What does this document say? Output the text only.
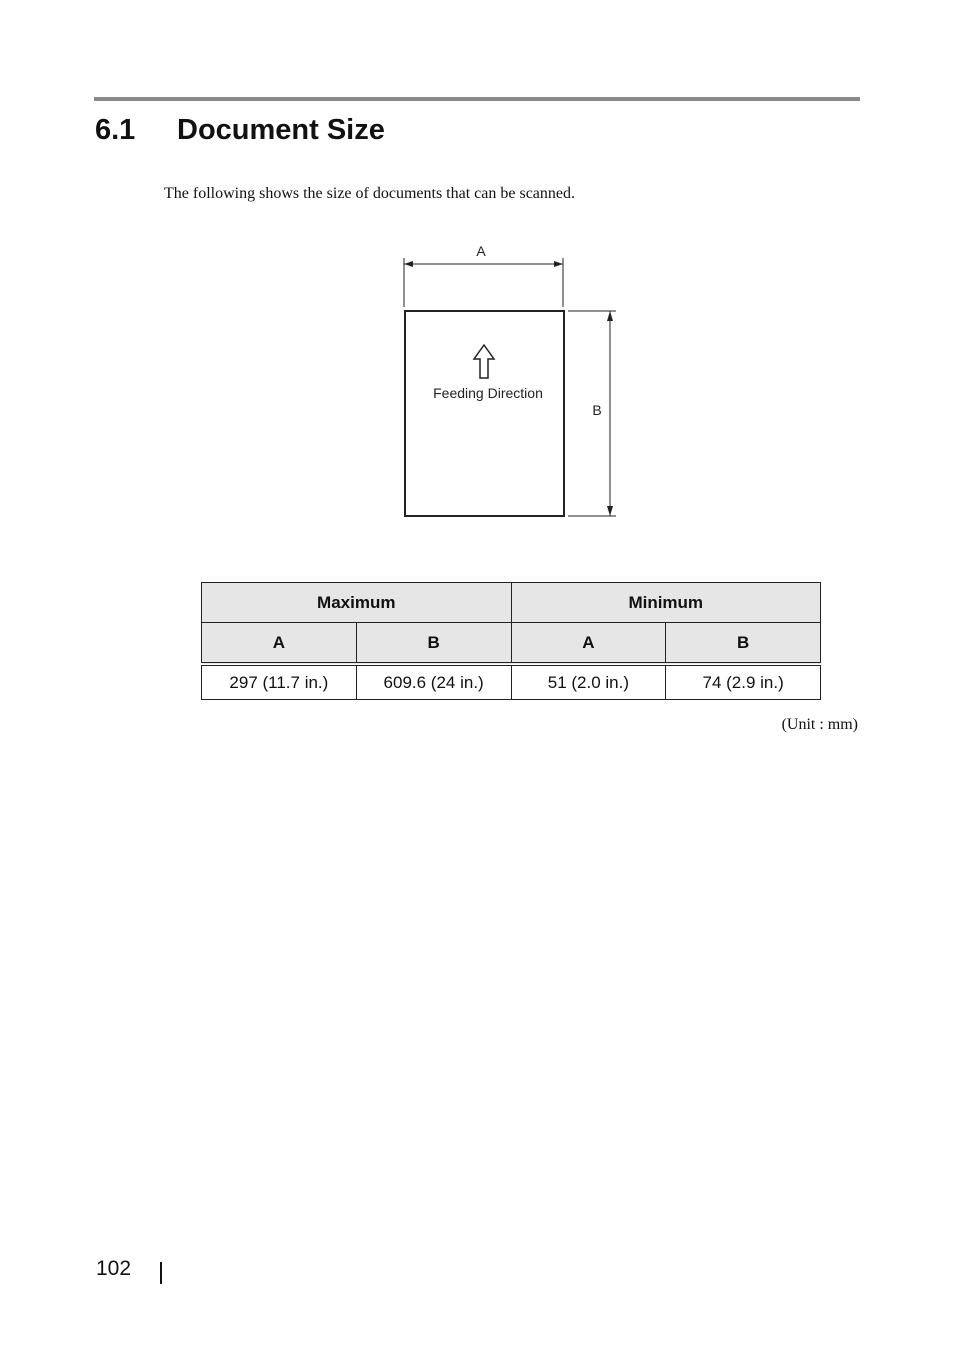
6.1 Document Size
The following shows the size of documents that can be scanned.
A
Feeding Direction
B
Maximum		Minimum	
A	B	A	B
297 (11.7 in.)	609.6 (24 in.)	51 (2.0 in.)	74 (2.9 in.)
(Unit : mm)
102
